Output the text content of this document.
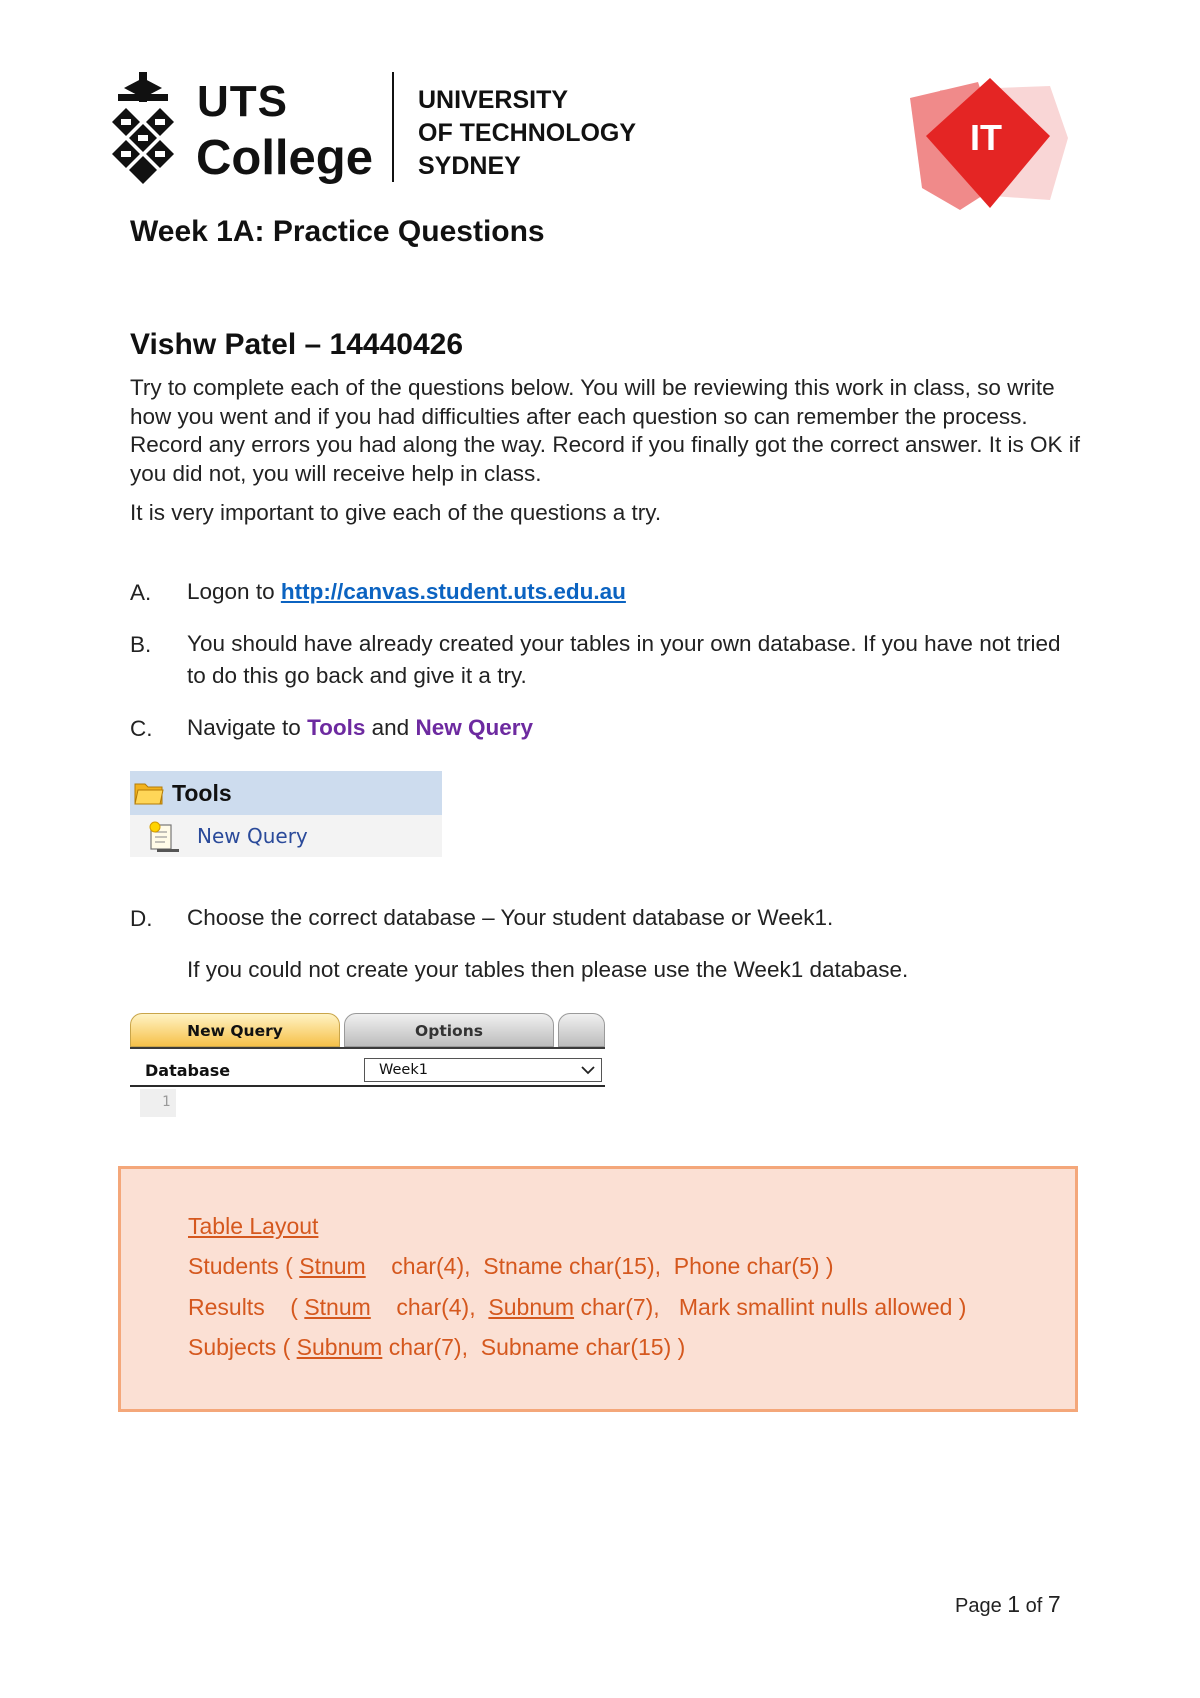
UTS
College
UNIVERSITY
OF TECHNOLOGY
SYDNEY
IT
Week 1A: Practice Questions
Vishw Patel – 14440426
Try to complete each of the questions below. You will be reviewing this work in class, so write how you went and if you had difficulties after each question so can remember the process. Record any errors you had along the way. Record if you finally got the correct answer. It is OK if you did not, you will receive help in class.
It is very important to give each of the questions a try.
A. Logon to http://canvas.student.uts.edu.au
B. You should have already created your tables in your own database. If you have not tried to do this go back and give it a try.
C. Navigate to Tools and New Query
Tools
New Query
D. Choose the correct database – Your student database or Week1.
If you could not create your tables then please use the Week1 database.
New Query	Options
Database	Week1
1
Table Layout
Students ( Stnum    char(4),  Stname char(15),  Phone char(5) )
Results    ( Stnum    char(4),  Subnum char(7),   Mark smallint nulls allowed )
Subjects ( Subnum char(7),  Subname char(15) )
Page 1 of 7
